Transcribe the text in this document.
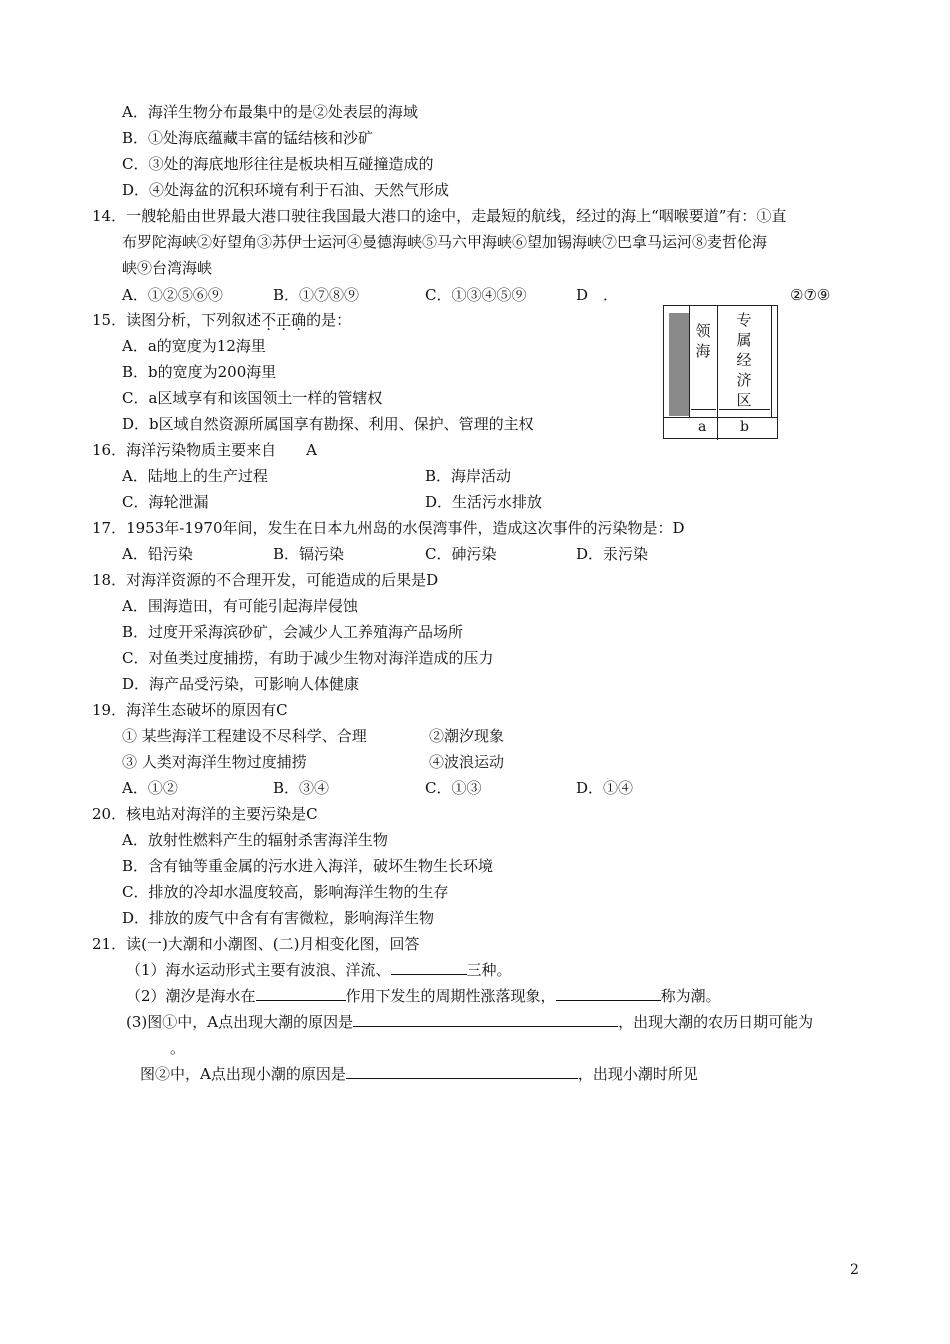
A．海洋生物分布最集中的是②处表层的海域
B．①处海底蕴藏丰富的锰结核和沙矿
C．③处的海底地形往往是板块相互碰撞造成的
D．④处海盆的沉积环境有利于石油、天然气形成
14．一艘轮船由世界最大港口驶往我国最大港口的途中，走最短的航线，经过的海上“咽喉要道”有：①直
布罗陀海峡②好望角③苏伊士运河④曼德海峡⑤马六甲海峡⑥望加锡海峡⑦巴拿马运河⑧麦哲伦海
峡⑨台湾海峡
A．①②⑤⑥⑨	B．①⑦⑧⑨	C．①③④⑤⑨	D　．	②⑦⑨
15．读图分析，下列叙述不正确的是：
A．a的宽度为12海里
B．b的宽度为200海里
C．a区域享有和该国领土一样的管辖权
D．b区域自然资源所属国享有勘探、利用、保护、管理的主权
领海
专属经济区
a b
16．海洋污染物质主要来自　　A
A．陆地上的生产过程	B．海岸活动
C．海轮泄漏	D．生活污水排放
17．1953年-1970年间，发生在日本九州岛的水俣湾事件，造成这次事件的污染物是：D
A．铅污染	B．镉污染	C．砷污染	D．汞污染
18．对海洋资源的不合理开发，可能造成的后果是D
A．围海造田，有可能引起海岸侵蚀
B．过度开采海滨砂矿，会减少人工养殖海产品场所
C．对鱼类过度捕捞，有助于减少生物对海洋造成的压力
D．海产品受污染，可影响人体健康
19．海洋生态破坏的原因有C
① 某些海洋工程建设不尽科学、合理	②潮汐现象
③ 人类对海洋生物过度捕捞	④波浪运动
A．①②	B．③④	C．①③	D．①④
20．核电站对海洋的主要污染是C
A．放射性燃料产生的辐射杀害海洋生物
B．含有铀等重金属的污水进入海洋，破坏生物生长环境
C．排放的冷却水温度较高，影响海洋生物的生存
D．排放的废气中含有有害微粒，影响海洋生物
21．读(一)大潮和小潮图、(二)月相变化图，回答
（1）海水运动形式主要有波浪、洋流、	三种。
（2）潮汐是海水在	作用下发生的周期性涨落现象，	称为潮。
(3)图①中，A点出现大潮的原因是	，出现大潮的农历日期可能为
。
图②中，A点出现小潮的原因是	，出现小潮时所见
2
